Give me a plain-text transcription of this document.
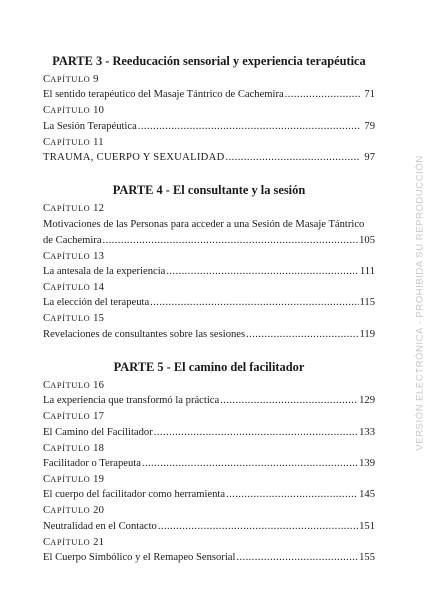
PARTE 3 - Reeducación sensorial y experiencia terapéutica
CAPÍTULO 9
El sentido terapéutico del Masaje Tántrico de Cachemira .....	71
CAPÍTULO 10
La Sesión Terapéutica .....	79
CAPÍTULO 11
TRAUMA, CUERPO Y SEXUALIDAD .....	97
PARTE 4 - El consultante y la sesión
CAPÍTULO 12
Motivaciones de las Personas para acceder a una Sesión de Masaje Tántrico
de Cachemira .....	105
CAPÍTULO 13
La antesala de la experiencia .....	111
CAPÍTULO 14
La elección del terapeuta .....	115
CAPÍTULO 15
Revelaciones de consultantes sobre las sesiones .....	119
PARTE 5 - El camino del facilitador
CAPÍTULO 16
La experiencia que transformó la práctica .....	129
CAPÍTULO 17
El Camino del Facilitador .....	133
CAPÍTULO 18
Facilitador o Terapeuta .....	139
CAPÍTULO 19
El cuerpo del facilitador como herramienta .....	145
CAPÍTULO 20
Neutralidad en el Contacto .....	151
CAPÍTULO 21
El Cuerpo Simbólico y el Remapeo Sensorial .....	155
VERSIÓN ELECTRÓNICA - PROHIBIDA SU REPRODUCCIÓN
